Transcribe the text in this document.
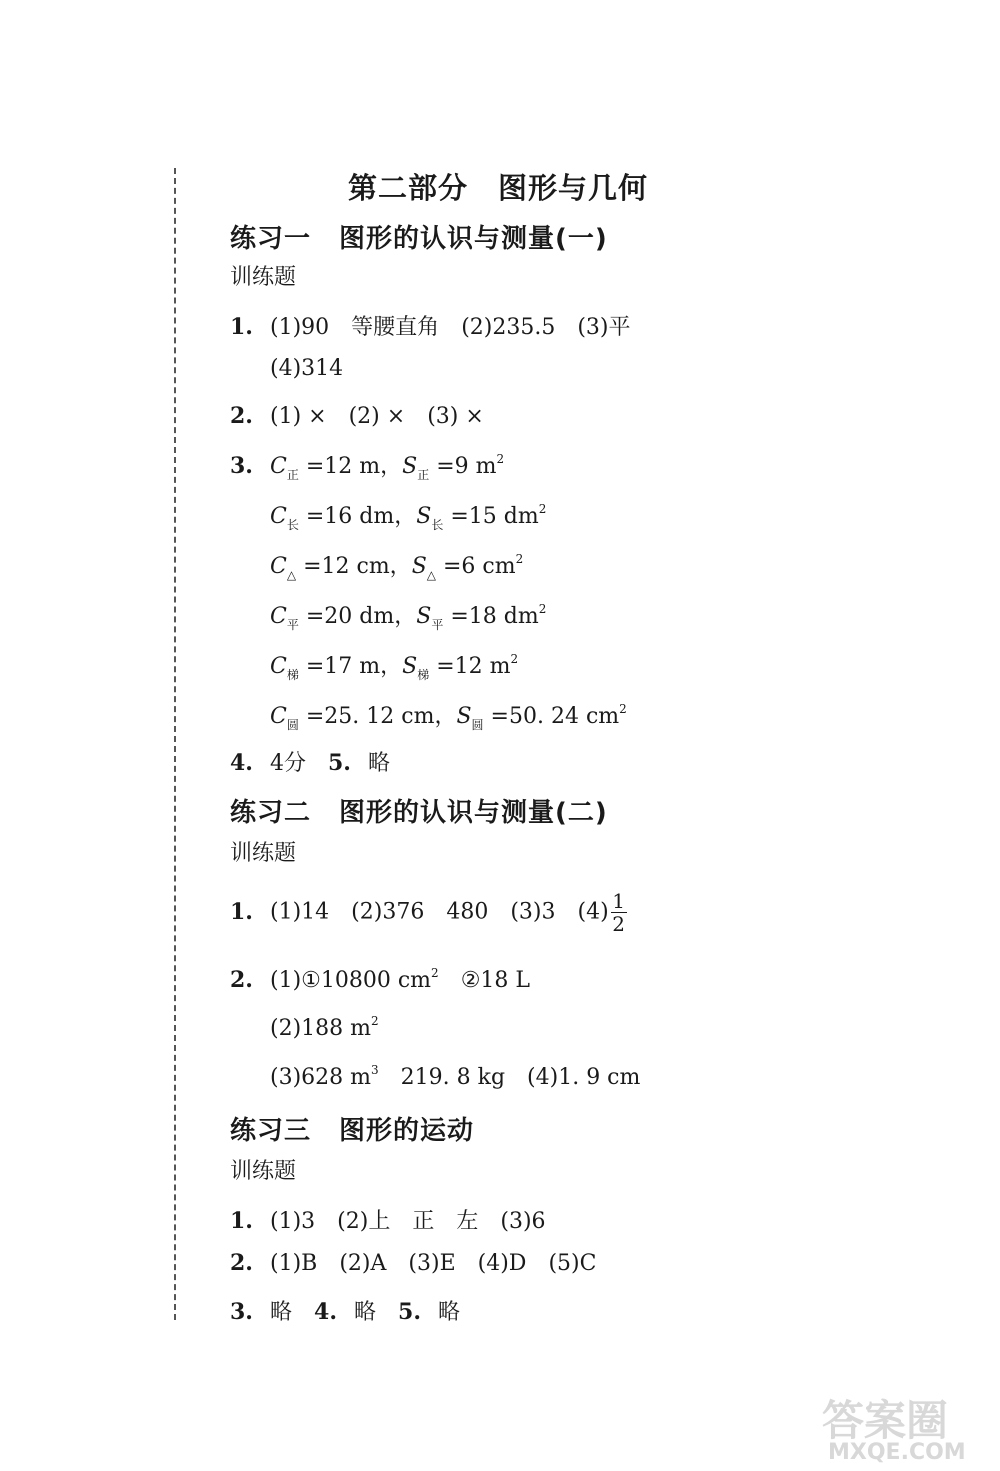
第二部分 图形与几何
练习一 图形的认识与测量(一)
训练题
1. (1)90 等腰直角 (2)235.5 (3)平
(4)314
2. (1) × (2) × (3) ×
3. $C_正 =12$ m，$S_正 =9$ $m^2$
$C_长 =16$ dm，$S_长 =15$ $dm^2$
$C_\triangle =12$ cm，$S_\triangle =6$ $cm^2$
$C_平 =20$ dm，$S_平 =18$ $dm^2$
$C_梯 =17$ m，$S_梯 =12$ $m^2$
$C_圆 =25$. 12 cm，$S_圆 =50$. 24 $cm^2$
4. 4分 5. 略
练习二 图形的认识与测量(二)
训练题
1. (1)14 (2)376 480 (3)3 $(4) \frac{1}{2}$
2. (1)①10800 $cm^2$ ②18 L
(2)188 $m^2$
(3)628 $m^3$ 219. 8 kg (4)1. 9 cm
练习三 图形的运动
训练题
1. (1)3 (2)上 正 左 (3)6
2. (1)B (2)A (3)E (4)D (5)C
3. 略 4. 略 5. 略
答案圈
MXQE.COM
